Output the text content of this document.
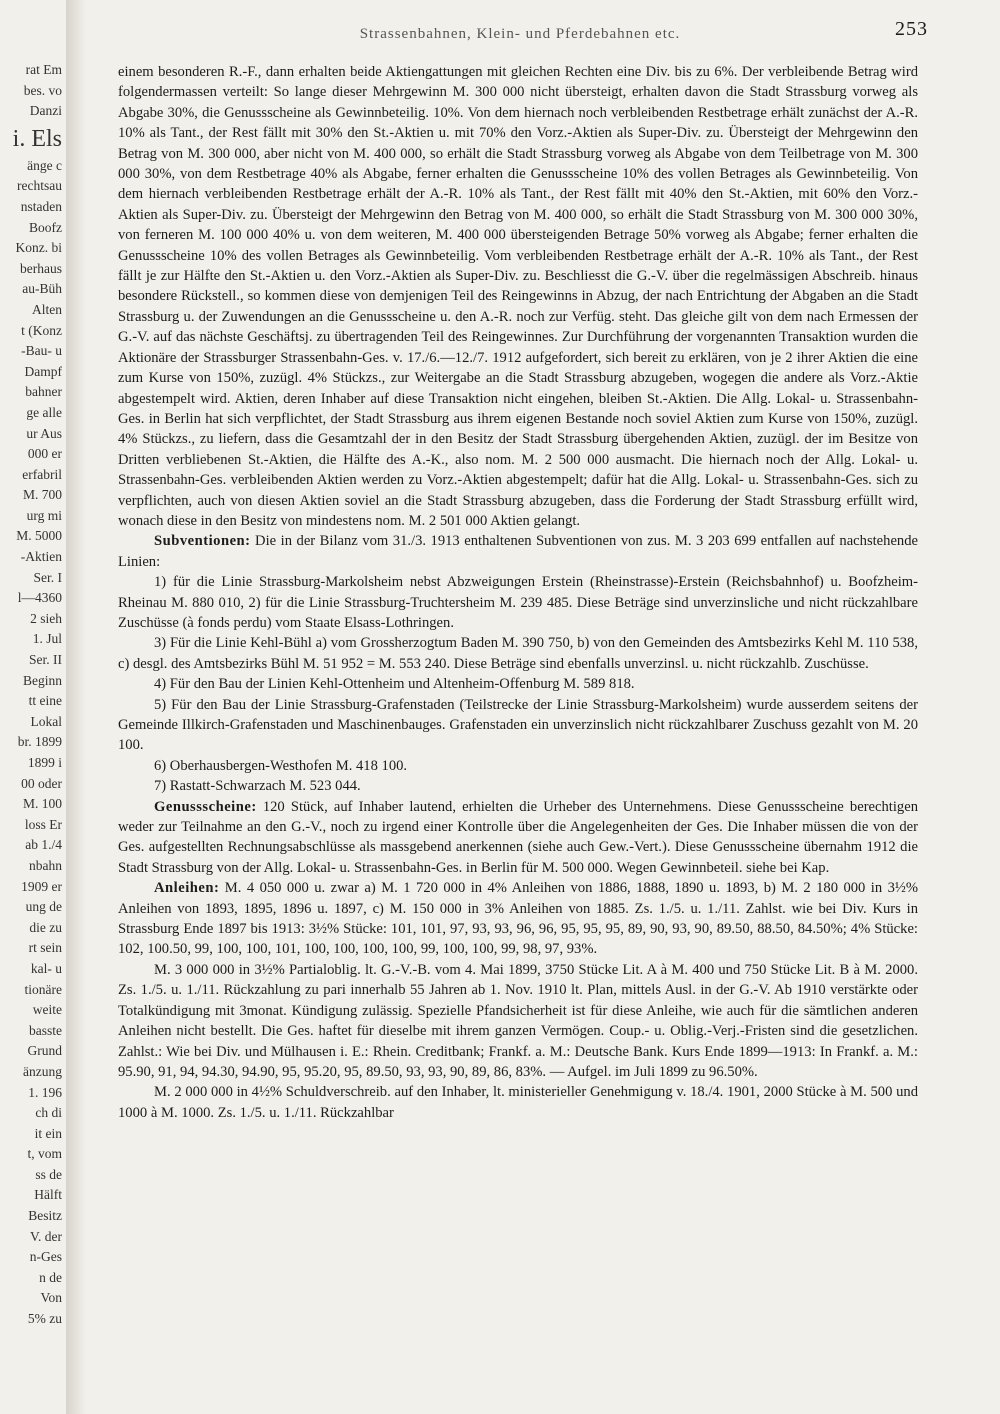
rat Em
bes. vo
Danzi
i. Els
änge c
rechtsau
nstaden
Boofz
Konz. bi
berhaus
au-Büh
Alten
t (Konz
-Bau- u
Dampf
bahner
ge alle
ur Aus
000 er
erfabril
M. 700
urg mi
M. 5000
-Aktien
Ser. I
l—4360
2 sieh
1. Jul
Ser. II
Beginn
tt eine
Lokal
br. 1899
1899 i
00 oder
M. 100
loss Er
ab 1./4
nbahn
1909 er
ung de
die zu
rt sein
kal- u
tionäre
weite
basste
Grund
änzung
1. 196
ch di
it ein
t, vom
ss de
Hälft
Besitz
V. der
n-Ges
n de
Von
5% zu
Strassenbahnen, Klein- und Pferdebahnen etc.	253

einem besonderen R.-F., dann erhalten beide Aktiengattungen mit gleichen Rechten eine Div. bis zu 6%. Der verbleibende Betrag wird folgendermassen verteilt: So lange dieser Mehrgewinn M. 300 000 nicht übersteigt, erhalten davon die Stadt Strassburg vorweg als Abgabe 30%, die Genussscheine als Gewinnbeteilig. 10%. Von dem hiernach noch verbleibenden Restbetrage erhält zunächst der A.-R. 10% als Tant., der Rest fällt mit 30% den St.-Aktien u. mit 70% den Vorz.-Aktien als Super-Div. zu. Übersteigt der Mehrgewinn den Betrag von M. 300 000, aber nicht von M. 400 000, so erhält die Stadt Strassburg vorweg als Abgabe von dem Teilbetrage von M. 300 000 30%, von dem Restbetrage 40% als Abgabe, ferner erhalten die Genussscheine 10% des vollen Betrages als Gewinnbeteilig. Von dem hiernach verbleibenden Restbetrage erhält der A.-R. 10% als Tant., der Rest fällt mit 40% den St.-Aktien, mit 60% den Vorz.-Aktien als Super-Div. zu. Übersteigt der Mehrgewinn den Betrag von M. 400 000, so erhält die Stadt Strassburg von M. 300 000 30%, von ferneren M. 100 000 40% u. von dem weiteren, M. 400 000 übersteigenden Betrage 50% vorweg als Abgabe; ferner erhalten die Genussscheine 10% des vollen Betrages als Gewinnbeteilig. Vom verbleibenden Restbetrage erhält der A.-R. 10% als Tant., der Rest fällt je zur Hälfte den St.-Aktien u. den Vorz.-Aktien als Super-Div. zu. Beschliesst die G.-V. über die regelmässigen Abschreib. hinaus besondere Rückstell., so kommen diese von demjenigen Teil des Reingewinns in Abzug, der nach Entrichtung der Abgaben an die Stadt Strassburg u. der Zuwendungen an die Genussscheine u. den A.-R. noch zur Verfüg. steht. Das gleiche gilt von dem nach Ermessen der G.-V. auf das nächste Geschäftsj. zu übertragenden Teil des Reingewinnes. Zur Durchführung der vorgenannten Transaktion wurden die Aktionäre der Strassburger Strassenbahn-Ges. v. 17./6.—12./7. 1912 aufgefordert, sich bereit zu erklären, von je 2 ihrer Aktien die eine zum Kurse von 150%, zuzügl. 4% Stückzs., zur Weitergabe an die Stadt Strassburg abzugeben, wogegen die andere als Vorz.-Aktie abgestempelt wird. Aktien, deren Inhaber auf diese Transaktion nicht eingehen, bleiben St.-Aktien. Die Allg. Lokal- u. Strassenbahn-Ges. in Berlin hat sich verpflichtet, der Stadt Strassburg aus ihrem eigenen Bestande noch soviel Aktien zum Kurse von 150%, zuzügl. 4% Stückzs., zu liefern, dass die Gesamtzahl der in den Besitz der Stadt Strassburg übergehenden Aktien, zuzügl. der im Besitze von Dritten verbliebenen St.-Aktien, die Hälfte des A.-K., also nom. M. 2 500 000 ausmacht. Die hiernach noch der Allg. Lokal- u. Strassenbahn-Ges. verbleibenden Aktien werden zu Vorz.-Aktien abgestempelt; dafür hat die Allg. Lokal- u. Strassenbahn-Ges. sich zu verpflichten, auch von diesen Aktien soviel an die Stadt Strassburg abzugeben, dass die Forderung der Stadt Strassburg erfüllt wird, wonach diese in den Besitz von mindestens nom. M. 2 501 000 Aktien gelangt.

Subventionen: Die in der Bilanz vom 31./3. 1913 enthaltenen Subventionen von zus. M. 3 203 699 entfallen auf nachstehende Linien:

1) für die Linie Strassburg-Markolsheim nebst Abzweigungen Erstein (Rheinstrasse)-Erstein (Reichsbahnhof) u. Boofzheim-Rheinau M. 880 010, 2) für die Linie Strassburg-Truchtersheim M. 239 485. Diese Beträge sind unverzinsliche und nicht rückzahlbare Zuschüsse (à fonds perdu) vom Staate Elsass-Lothringen.

3) Für die Linie Kehl-Bühl a) vom Grossherzogtum Baden M. 390 750, b) von den Gemeinden des Amtsbezirks Kehl M. 110 538, c) desgl. des Amtsbezirks Bühl M. 51 952 = M. 553 240. Diese Beträge sind ebenfalls unverzinsl. u. nicht rückzahlb. Zuschüsse.

4) Für den Bau der Linien Kehl-Ottenheim und Altenheim-Offenburg M. 589 818.

5) Für den Bau der Linie Strassburg-Grafenstaden (Teilstrecke der Linie Strassburg-Markolsheim) wurde ausserdem seitens der Gemeinde Illkirch-Grafenstaden und Maschinenbauges. Grafenstaden ein unverzinslich nicht rückzahlbarer Zuschuss gezahlt von M. 20 100.

6) Oberhausbergen-Westhofen M. 418 100.

7) Rastatt-Schwarzach M. 523 044.

Genussscheine: 120 Stück, auf Inhaber lautend, erhielten die Urheber des Unternehmens. Diese Genussscheine berechtigen weder zur Teilnahme an den G.-V., noch zu irgend einer Kontrolle über die Angelegenheiten der Ges. Die Inhaber müssen die von der Ges. aufgestellten Rechnungsabschlüsse als massgebend anerkennen (siehe auch Gew.-Vert.). Diese Genussscheine übernahm 1912 die Stadt Strassburg von der Allg. Lokal- u. Strassenbahn-Ges. in Berlin für M. 500 000. Wegen Gewinnbeteil. siehe bei Kap.

Anleihen: M. 4 050 000 u. zwar a) M. 1 720 000 in 4% Anleihen von 1886, 1888, 1890 u. 1893, b) M. 2 180 000 in 3½% Anleihen von 1893, 1895, 1896 u. 1897, c) M. 150 000 in 3% Anleihen von 1885. Zs. 1./5. u. 1./11. Zahlst. wie bei Div. Kurs in Strassburg Ende 1897 bis 1913: 3½% Stücke: 101, 101, 97, 93, 93, 96, 96, 95, 95, 95, 89, 90, 93, 90, 89.50, 88.50, 84.50%; 4% Stücke: 102, 100.50, 99, 100, 100, 101, 100, 100, 100, 100, 99, 100, 100, 99, 98, 97, 93%.

M. 3 000 000 in 3½% Partialoblig. lt. G.-V.-B. vom 4. Mai 1899, 3750 Stücke Lit. A à M. 400 und 750 Stücke Lit. B à M. 2000. Zs. 1./5. u. 1./11. Rückzahlung zu pari innerhalb 55 Jahren ab 1. Nov. 1910 lt. Plan, mittels Ausl. in der G.-V. Ab 1910 verstärkte oder Totalkündigung mit 3monat. Kündigung zulässig. Spezielle Pfandsicherheit ist für diese Anleihe, wie auch für die sämtlichen anderen Anleihen nicht bestellt. Die Ges. haftet für dieselbe mit ihrem ganzen Vermögen. Coup.- u. Oblig.-Verj.-Fristen sind die gesetzlichen. Zahlst.: Wie bei Div. und Mülhausen i. E.: Rhein. Creditbank; Frankf. a. M.: Deutsche Bank. Kurs Ende 1899—1913: In Frankf. a. M.: 95.90, 91, 94, 94.30, 94.90, 95, 95.20, 95, 89.50, 93, 93, 90, 89, 86, 83%. — Aufgel. im Juli 1899 zu 96.50%.

M. 2 000 000 in 4½% Schuldverschreib. auf den Inhaber, lt. ministerieller Genehmigung v. 18./4. 1901, 2000 Stücke à M. 500 und 1000 à M. 1000. Zs. 1./5. u. 1./11. Rückzahlbar
